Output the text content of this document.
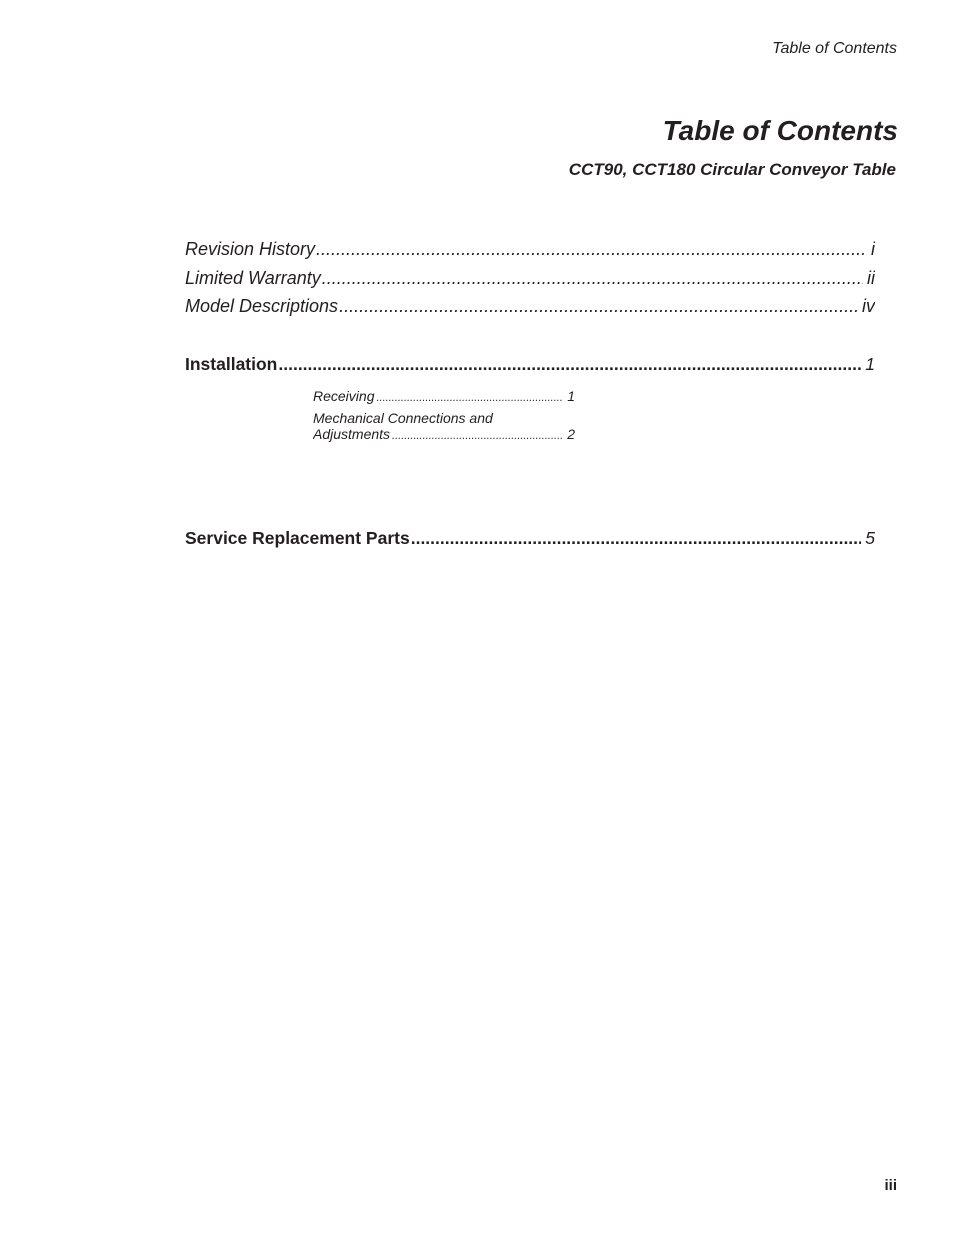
Table of Contents
Table of Contents
CCT90, CCT180 Circular Conveyor Table
Revision History .....	i
Limited Warranty .....	ii
Model Descriptions .....	iv
Installation .....	1
Receiving .....	1
Mechanical Connections and
Adjustments .....	2
Service Replacement Parts .....	5
iii
